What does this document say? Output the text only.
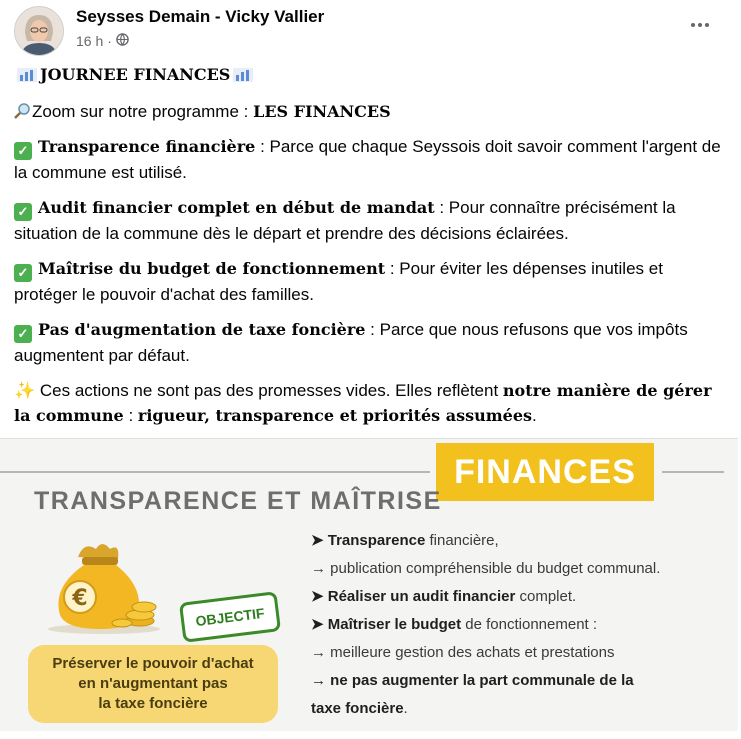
Seysses Demain - Vicky Vallier
16 h ·

JOURNEE FINANCES

Zoom sur notre programme : LES FINANCES

✓ Transparence financière : Parce que chaque Seyssois doit savoir comment l'argent de la commune est utilisé.

✓ Audit financier complet en début de mandat : Pour connaître précisément la situation de la commune dès le départ et prendre des décisions éclairées.

✓ Maîtrise du budget de fonctionnement : Pour éviter les dépenses inutiles et protéger le pouvoir d'achat des familles.

✓ Pas d'augmentation de taxe foncière : Parce que nous refusons que vos impôts augmentent par défaut.

✨ Ces actions ne sont pas des promesses vides. Elles reflètent notre manière de gérer la commune : rigueur, transparence et priorités assumées.

FINANCES
TRANSPARENCE ET MAÎTRISE
€
OBJECTIF
Préserver le pouvoir d'achat
en n'augmentant pas
la taxe foncière
➤ Transparence financière,
→ publication compréhensible du budget communal.
➤ Réaliser un audit financier complet.
➤ Maîtriser le budget de fonctionnement :
→ meilleure gestion des achats et prestations
→ ne pas augmenter la part communale de la
taxe foncière.
